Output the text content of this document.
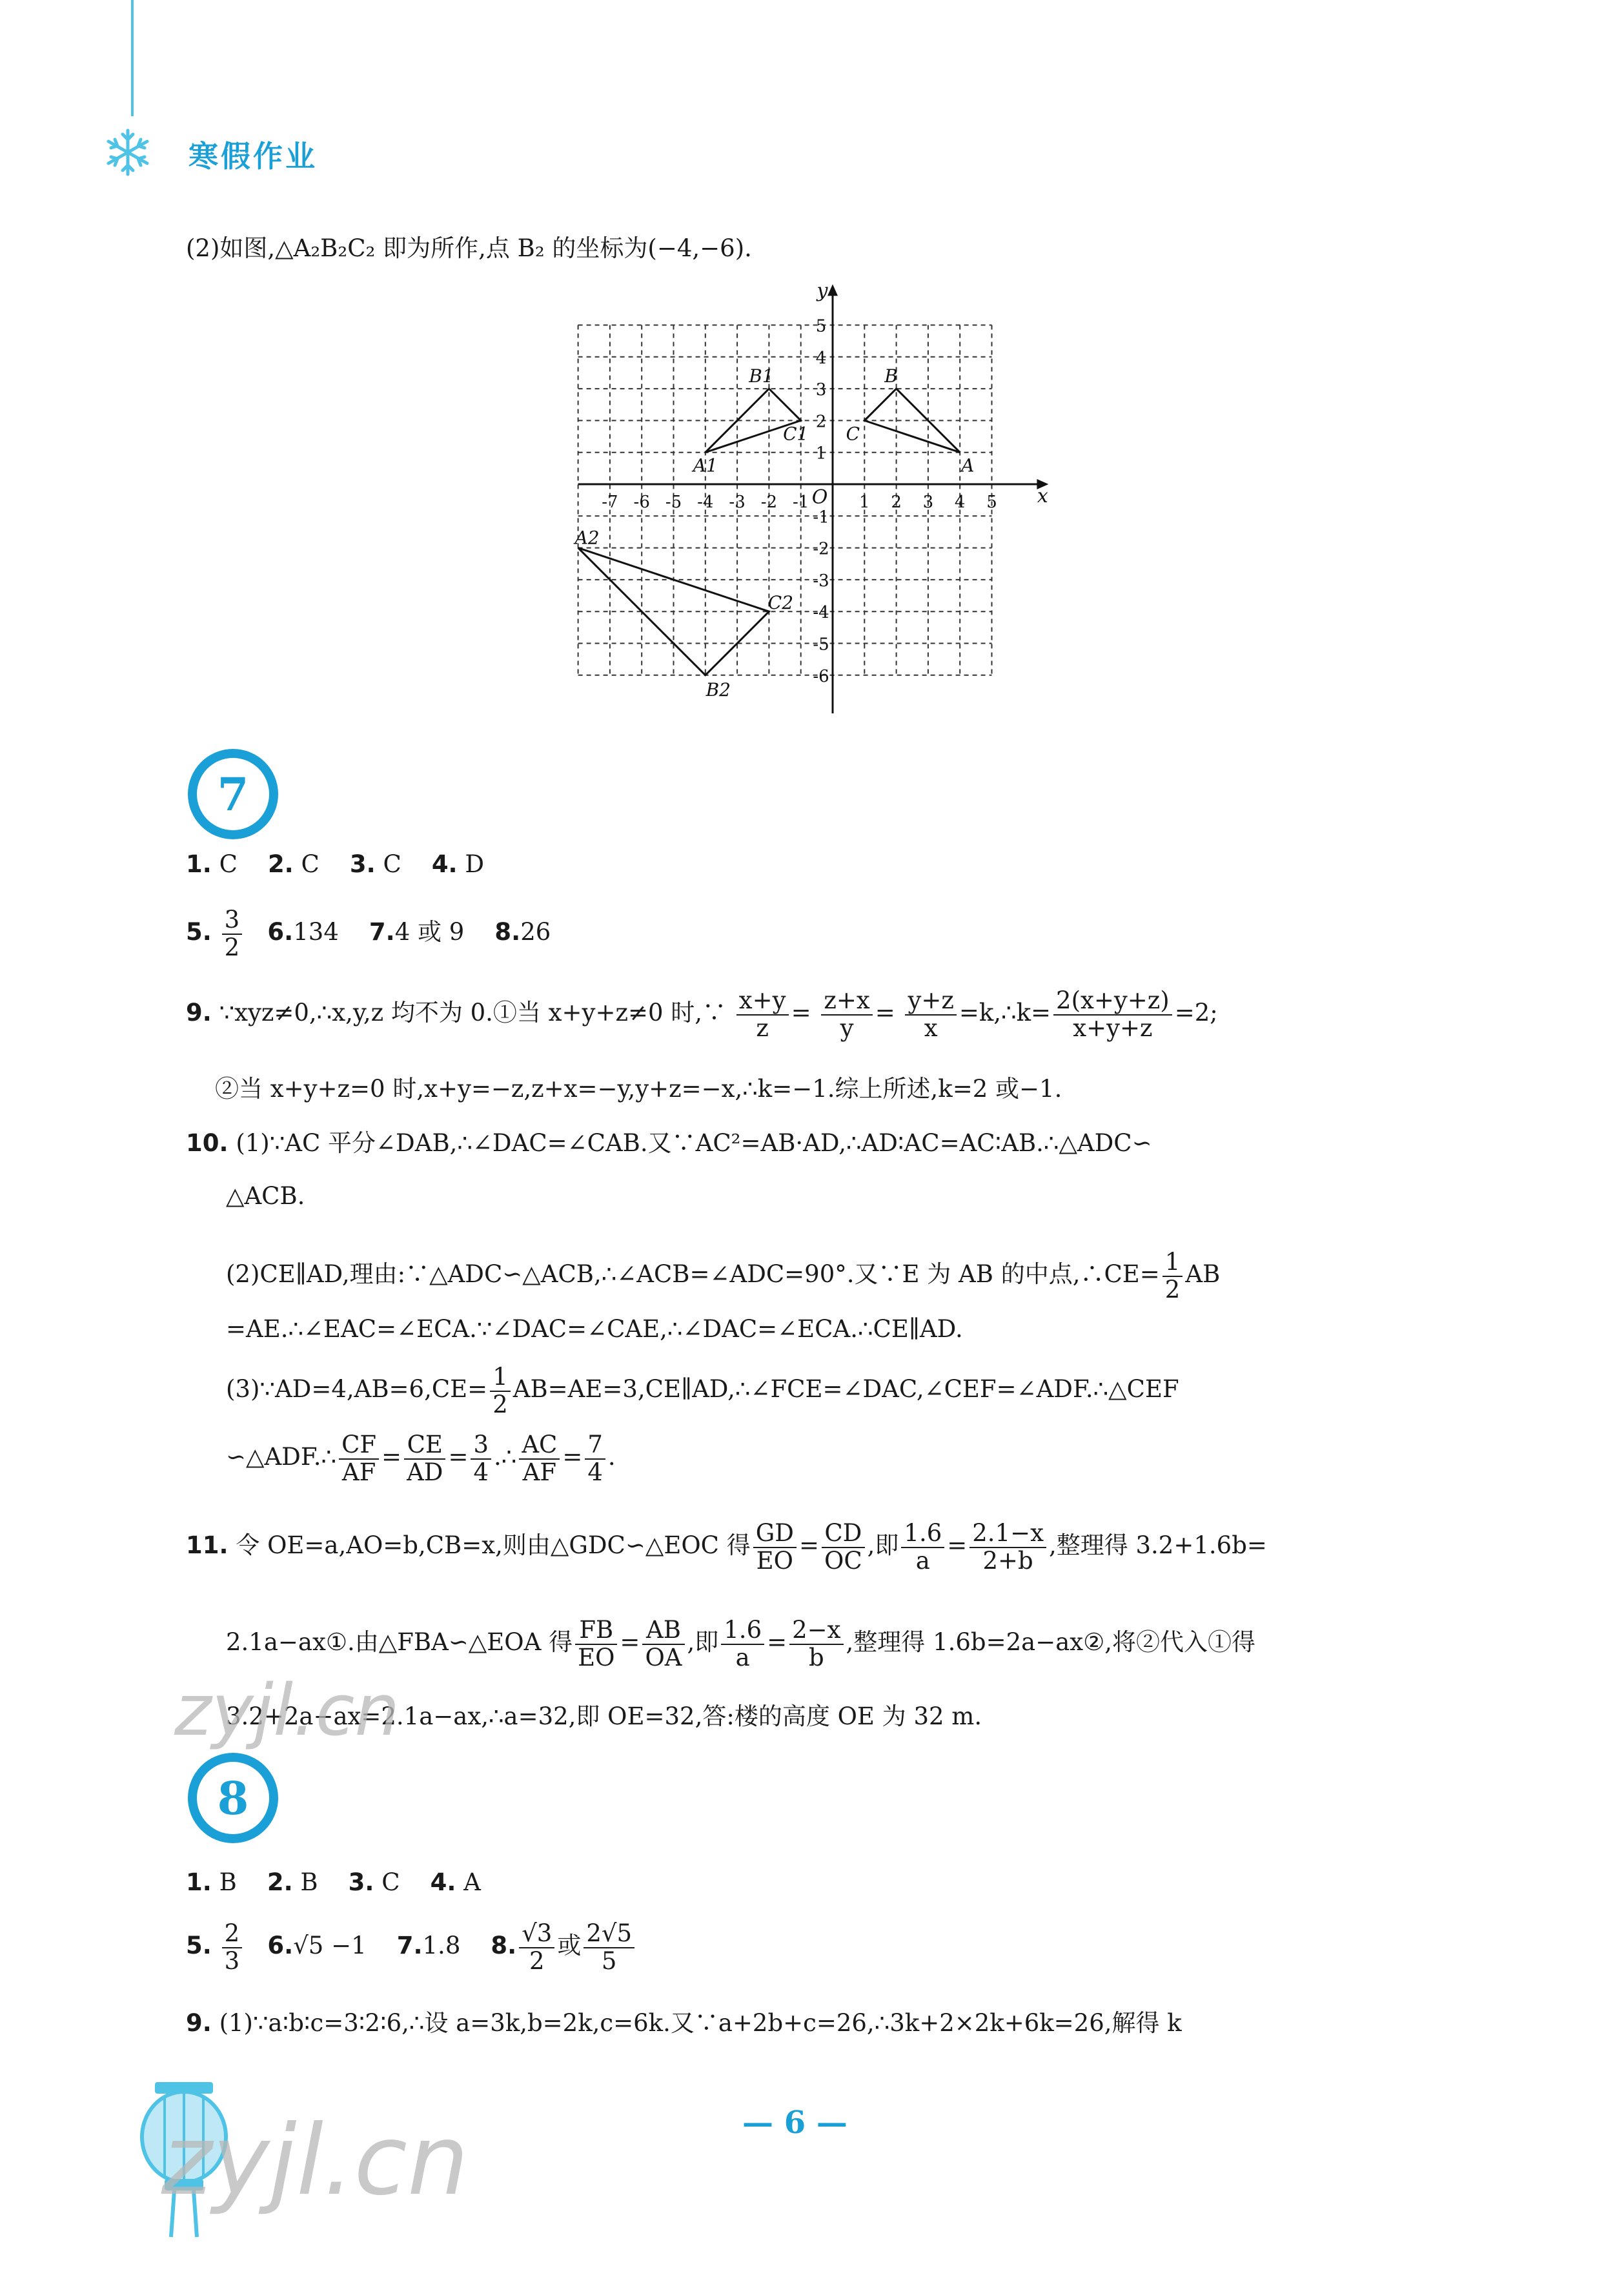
寒假作业
(2)如图,△A₂B₂C₂ 即为所作,点 B₂ 的坐标为(−4,−6).
x
y
O
-7 -6 -5 -4 -3 -2 -1	1 2 3 4 5
5
4
3
2
1
-1
-2
-3
-4
-5
-6
A
B
C
A1
B1
C1
A2
B2
C2
7
1. C 2. C 3. C 4. D
5. $\frac{3}{2} 6.134$ 7.4 或 9 8.26
9. ∵xyz≠0,∴x,y,z 均不为 0.①当 x+y+z≠0 时,∵ $\frac{x+y}{z} = \frac{z+x}{y} = \frac{y+z}{x}$ =k,∴k= $\frac{2(x+y+z)}{x+y+z} =2$;
②当 x+y+z=0 时,x+y=−z,z+x=−y,y+z=−x,∴k=−1.综上所述,k=2 或−1.
10. (1)∵AC 平分∠DAB,∴∠DAC=∠CAB.又∵AC²=AB·AD,∴AD∶AC=AC∶AB.∴△ADC∽
△ACB.
(2)CE∥AD,理由:∵△ADC∽△ACB,∴∠ACB=∠ADC=90°.又∵E 为 AB 的中点,∴CE= $\frac{1}{2}$ AB
=AE.∴∠EAC=∠ECA.∵∠DAC=∠CAE,∴∠DAC=∠ECA.∴CE∥AD.
(3)∵AD=4,AB=6,CE= $\frac{1}{2}$ AB=AE=3,CE∥AD,∴∠FCE=∠DAC,∠CEF=∠ADF.∴△CEF
∽△ADF.∴ $\frac{CF}{AF} = \frac{CE}{AD} = \frac{3}{4}$ .∴ $\frac{AC}{AF} = \frac{7}{4}$ .
11. 令 OE=a,AO=b,CB=x,则由△GDC∽△EOC 得 $\frac{GD}{EO} = \frac{CD}{OC}$ ,即 $\frac{1.6}{a} = \frac{2.1-x}{2+b}$ ,整理得 3.2+1.6b=
2.1a−ax①.由△FBA∽△EOA 得 $\frac{FB}{EO} = \frac{AB}{OA}$ ,即 $\frac{1.6}{a} = \frac{2-x}{b}$ ,整理得 1.6b=2a−ax②,将②代入①得
3.2+2a−ax=2.1a−ax,∴a=32,即 OE=32,答:楼的高度 OE 为 32 m.
8
1. B 2. B 3. C 4. A
5. $\frac{2}{3} 6.√5 -1$ 7.1.8 8. $\frac{√3}{2}$ 或 $\frac{2√5}{5}$
9. (1)∵a∶b∶c=3∶2∶6,∴设 a=3k,b=2k,c=6k.又∵a+2b+c=26,∴3k+2×2k+6k=26,解得 k
— 6 —
zyjl.cn
zyjl.cn
